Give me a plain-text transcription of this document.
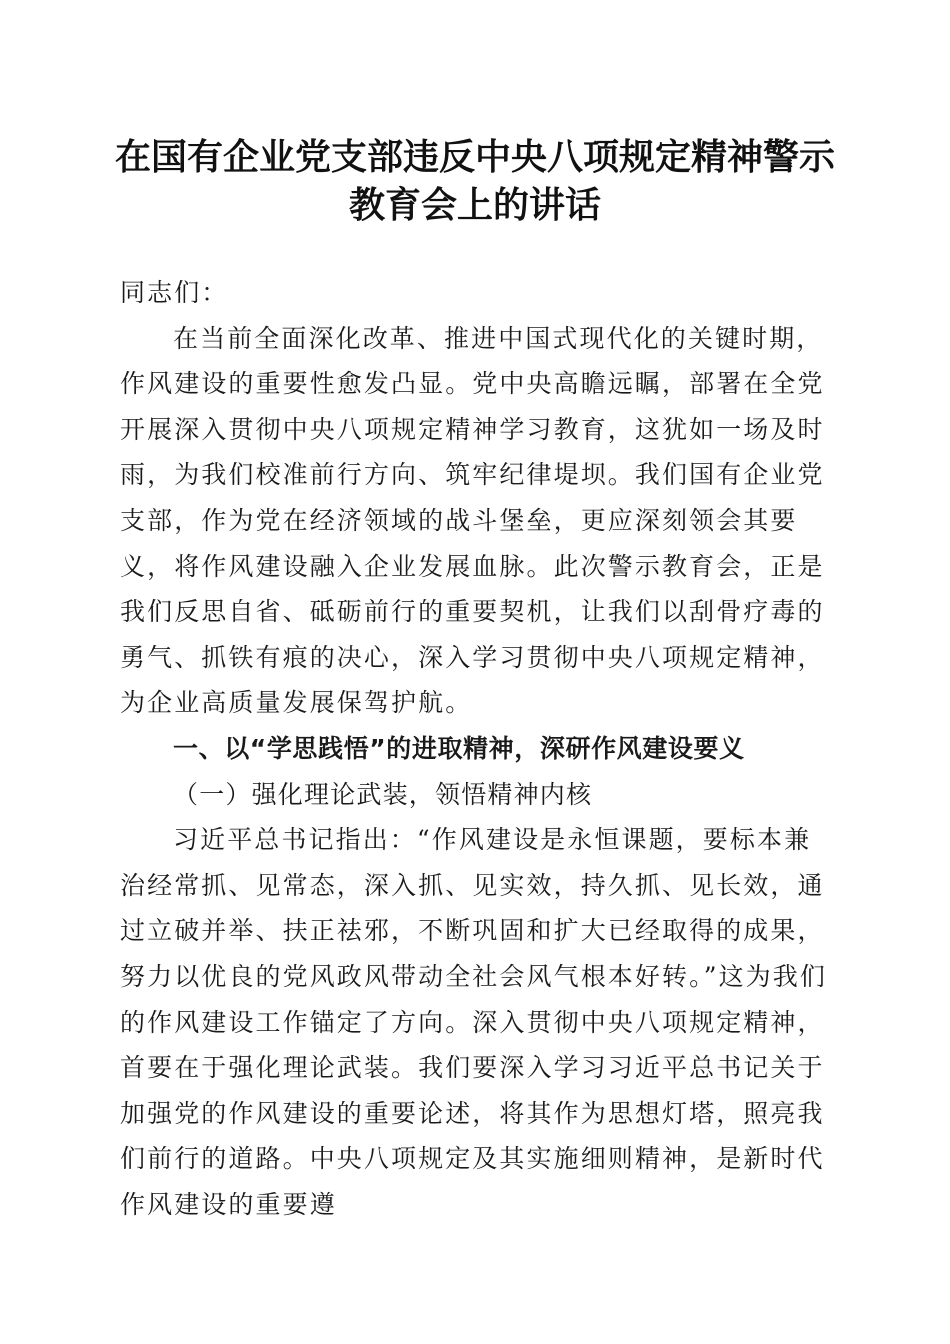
在国有企业党支部违反中央八项规定精神警示
教育会上的讲话

同志们：

在当前全面深化改革、推进中国式现代化的关键时期，作风建设的重要性愈发凸显。党中央高瞻远瞩，部署在全党开展深入贯彻中央八项规定精神学习教育，这犹如一场及时雨，为我们校准前行方向、筑牢纪律堤坝。我们国有企业党支部，作为党在经济领域的战斗堡垒，更应深刻领会其要义，将作风建设融入企业发展血脉。此次警示教育会，正是我们反思自省、砥砺前行的重要契机，让我们以刮骨疗毒的勇气、抓铁有痕的决心，深入学习贯彻中央八项规定精神，为企业高质量发展保驾护航。

一、以“学思践悟”的进取精神，深研作风建设要义

（一）强化理论武装，领悟精神内核

习近平总书记指出：“作风建设是永恒课题，要标本兼治经常抓、见常态，深入抓、见实效，持久抓、见长效，通过立破并举、扶正祛邪，不断巩固和扩大已经取得的成果，努力以优良的党风政风带动全社会风气根本好转。”这为我们的作风建设工作锚定了方向。深入贯彻中央八项规定精神，首要在于强化理论武装。我们要深入学习习近平总书记关于加强党的作风建设的重要论述，将其作为思想灯塔，照亮我们前行的道路。中央八项规定及其实施细则精神，是新时代作风建设的重要遵
